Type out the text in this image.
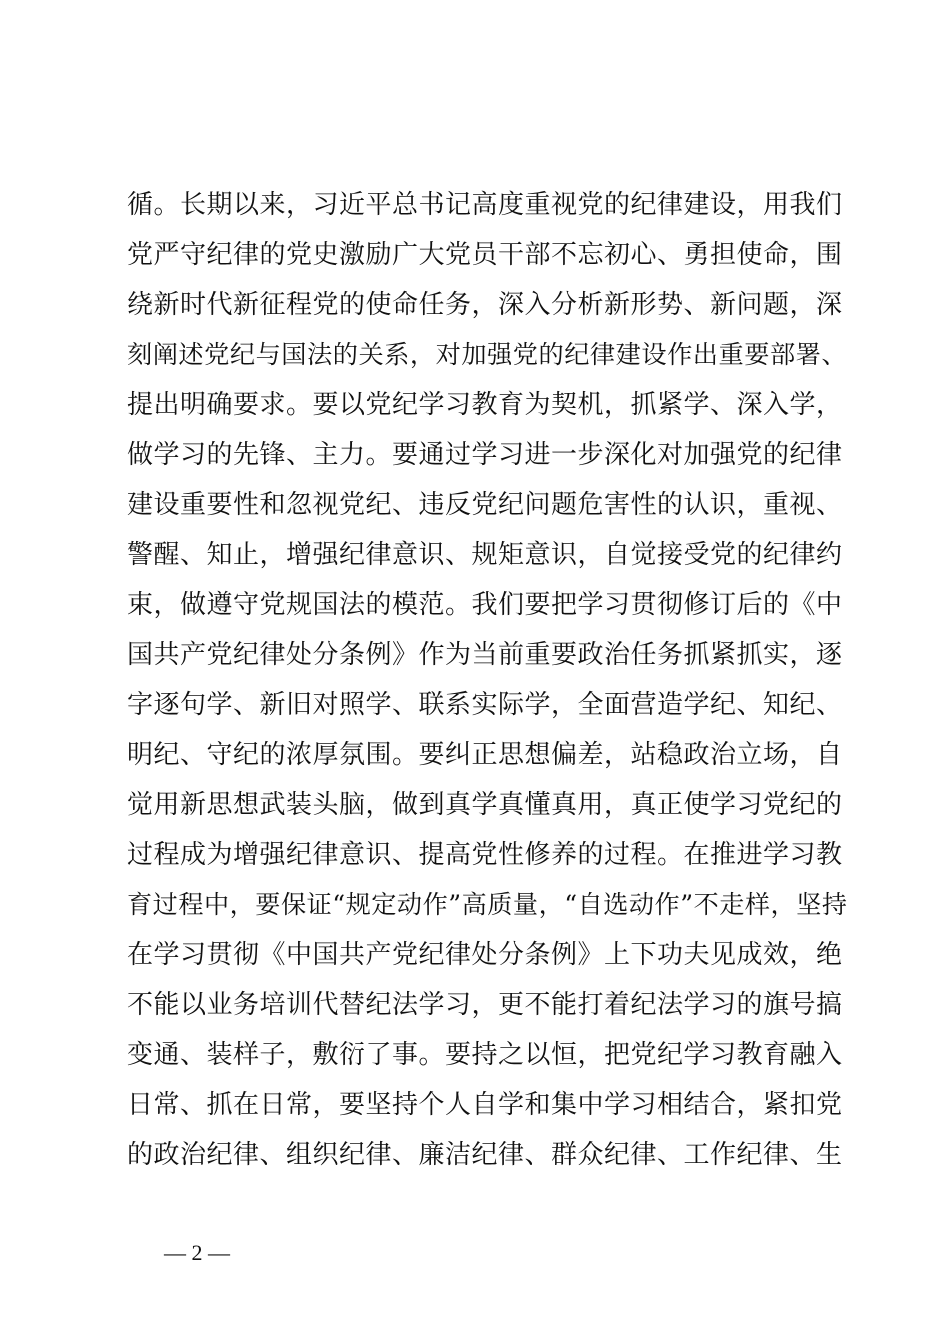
循。长期以来，习近平总书记高度重视党的纪律建设，用我们
党严守纪律的党史激励广大党员干部不忘初心、勇担使命，围
绕新时代新征程党的使命任务，深入分析新形势、新问题，深
刻阐述党纪与国法的关系，对加强党的纪律建设作出重要部署、
提出明确要求。要以党纪学习教育为契机，抓紧学、深入学，
做学习的先锋、主力。要通过学习进一步深化对加强党的纪律
建设重要性和忽视党纪、违反党纪问题危害性的认识，重视、
警醒、知止，增强纪律意识、规矩意识，自觉接受党的纪律约
束，做遵守党规国法的模范。我们要把学习贯彻修订后的《中
国共产党纪律处分条例》作为当前重要政治任务抓紧抓实，逐
字逐句学、新旧对照学、联系实际学，全面营造学纪、知纪、
明纪、守纪的浓厚氛围。要纠正思想偏差，站稳政治立场，自
觉用新思想武装头脑，做到真学真懂真用，真正使学习党纪的
过程成为增强纪律意识、提高党性修养的过程。在推进学习教
育过程中，要保证“规定动作”高质量，“自选动作”不走样，坚持
在学习贯彻《中国共产党纪律处分条例》上下功夫见成效，绝
不能以业务培训代替纪法学习，更不能打着纪法学习的旗号搞
变通、装样子，敷衍了事。要持之以恒，把党纪学习教育融入
日常、抓在日常，要坚持个人自学和集中学习相结合，紧扣党
的政治纪律、组织纪律、廉洁纪律、群众纪律、工作纪律、生
— 2 —
